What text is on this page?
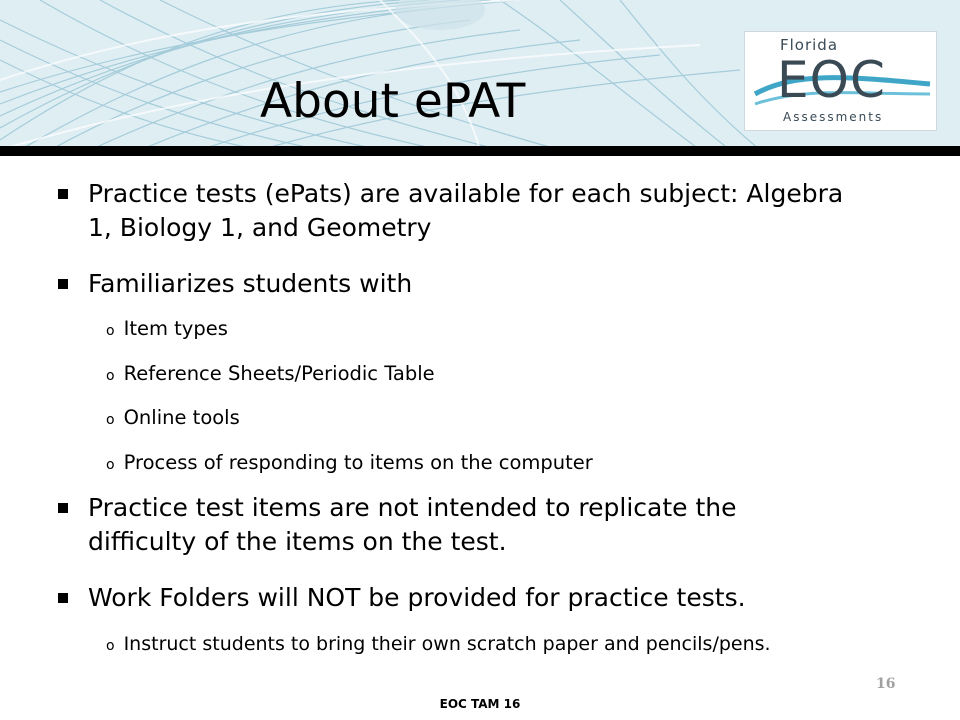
About ePAT
Florida
EOC
Assessments
Practice tests (ePats) are available for each subject: Algebra 1, Biology 1, and Geometry
Familiarizes students with
o Item types
o Reference Sheets/Periodic Table
o Online tools
o Process of responding to items on the computer
Practice test items are not intended to replicate the difficulty of the items on the test.
Work Folders will NOT be provided for practice tests.
o Instruct students to bring their own scratch paper and pencils/pens.
16
EOC TAM 16
